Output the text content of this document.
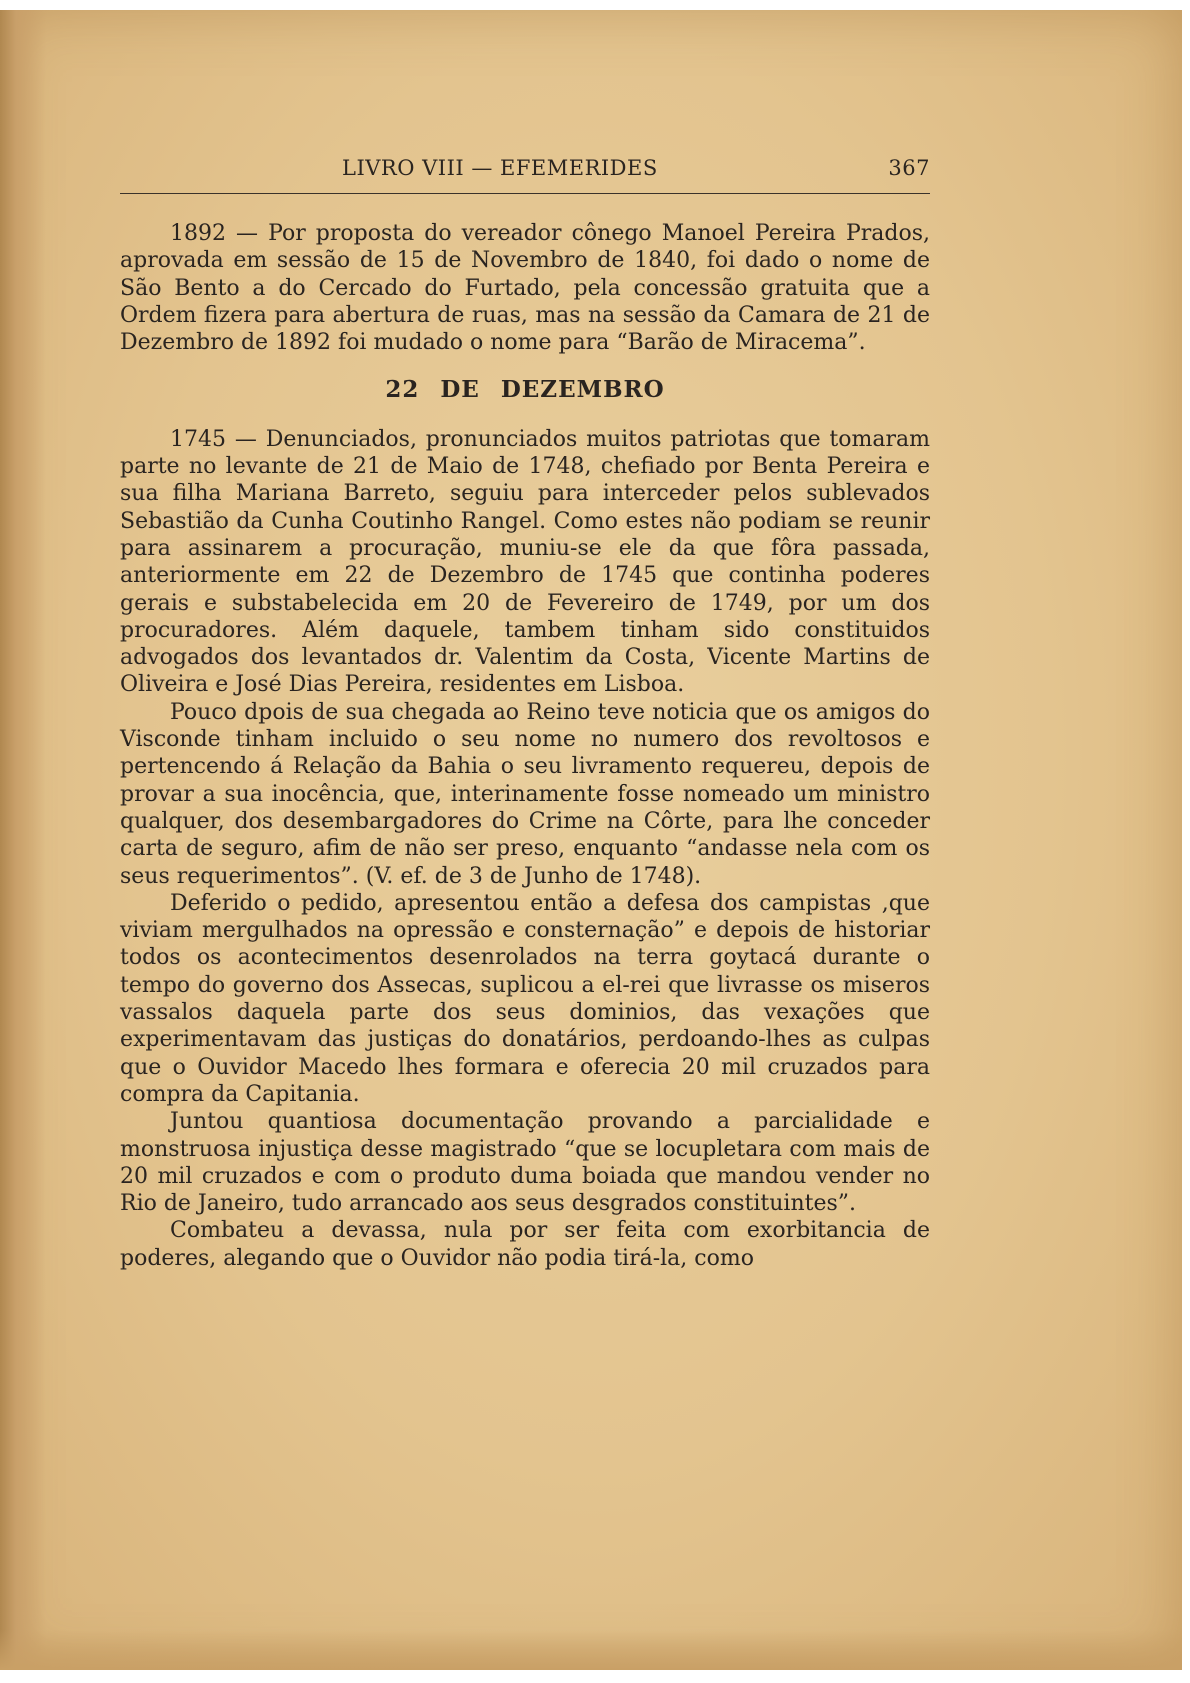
LIVRO VIII — EFEMERIDES	367

1892 — Por proposta do vereador cônego Manoel Pereira Prados, aprovada em sessão de 15 de Novembro de 1840, foi dado o nome de São Bento a do Cercado do Furtado, pela concessão gratuita que a Ordem fizera para abertura de ruas, mas na sessão da Camara de 21 de Dezembro de 1892 foi mudado o nome para “Barão de Miracema”.

22 DE DEZEMBRO

1745 — Denunciados, pronunciados muitos patriotas que tomaram parte no levante de 21 de Maio de 1748, chefiado por Benta Pereira e sua filha Mariana Barreto, seguiu para interceder pelos sublevados Sebastião da Cunha Coutinho Rangel. Como estes não podiam se reunir para assinarem a procuração, muniu-se ele da que fôra passada, anteriormente em 22 de Dezembro de 1745 que continha poderes gerais e substabelecida em 20 de Fevereiro de 1749, por um dos procuradores. Além daquele, tambem tinham sido constituidos advogados dos levantados dr. Valentim da Costa, Vicente Martins de Oliveira e José Dias Pereira, residentes em Lisboa.

Pouco dpois de sua chegada ao Reino teve noticia que os amigos do Visconde tinham incluido o seu nome no numero dos revoltosos e pertencendo á Relação da Bahia o seu livramento requereu, depois de provar a sua inocência, que, interinamente fosse nomeado um ministro qualquer, dos desembargadores do Crime na Côrte, para lhe conceder carta de seguro, afim de não ser preso, enquanto “andasse nela com os seus requerimentos”. (V. ef. de 3 de Junho de 1748).

Deferido o pedido, apresentou então a defesa dos campistas ,que viviam mergulhados na opressão e consternação” e depois de historiar todos os acontecimentos desenrolados na terra goytacá durante o tempo do governo dos Assecas, suplicou a el-rei que livrasse os miseros vassalos daquela parte dos seus dominios, das vexações que experimentavam das justiças do donatários, perdoando-lhes as culpas que o Ouvidor Macedo lhes formara e oferecia 20 mil cruzados para compra da Capitania.

Juntou quantiosa documentação provando a parcialidade e monstruosa injustiça desse magistrado “que se locupletara com mais de 20 mil cruzados e com o produto duma boiada que mandou vender no Rio de Janeiro, tudo arrancado aos seus desgrados constituintes”.

Combateu a devassa, nula por ser feita com exorbitancia de poderes, alegando que o Ouvidor não podia tirá-la, como
